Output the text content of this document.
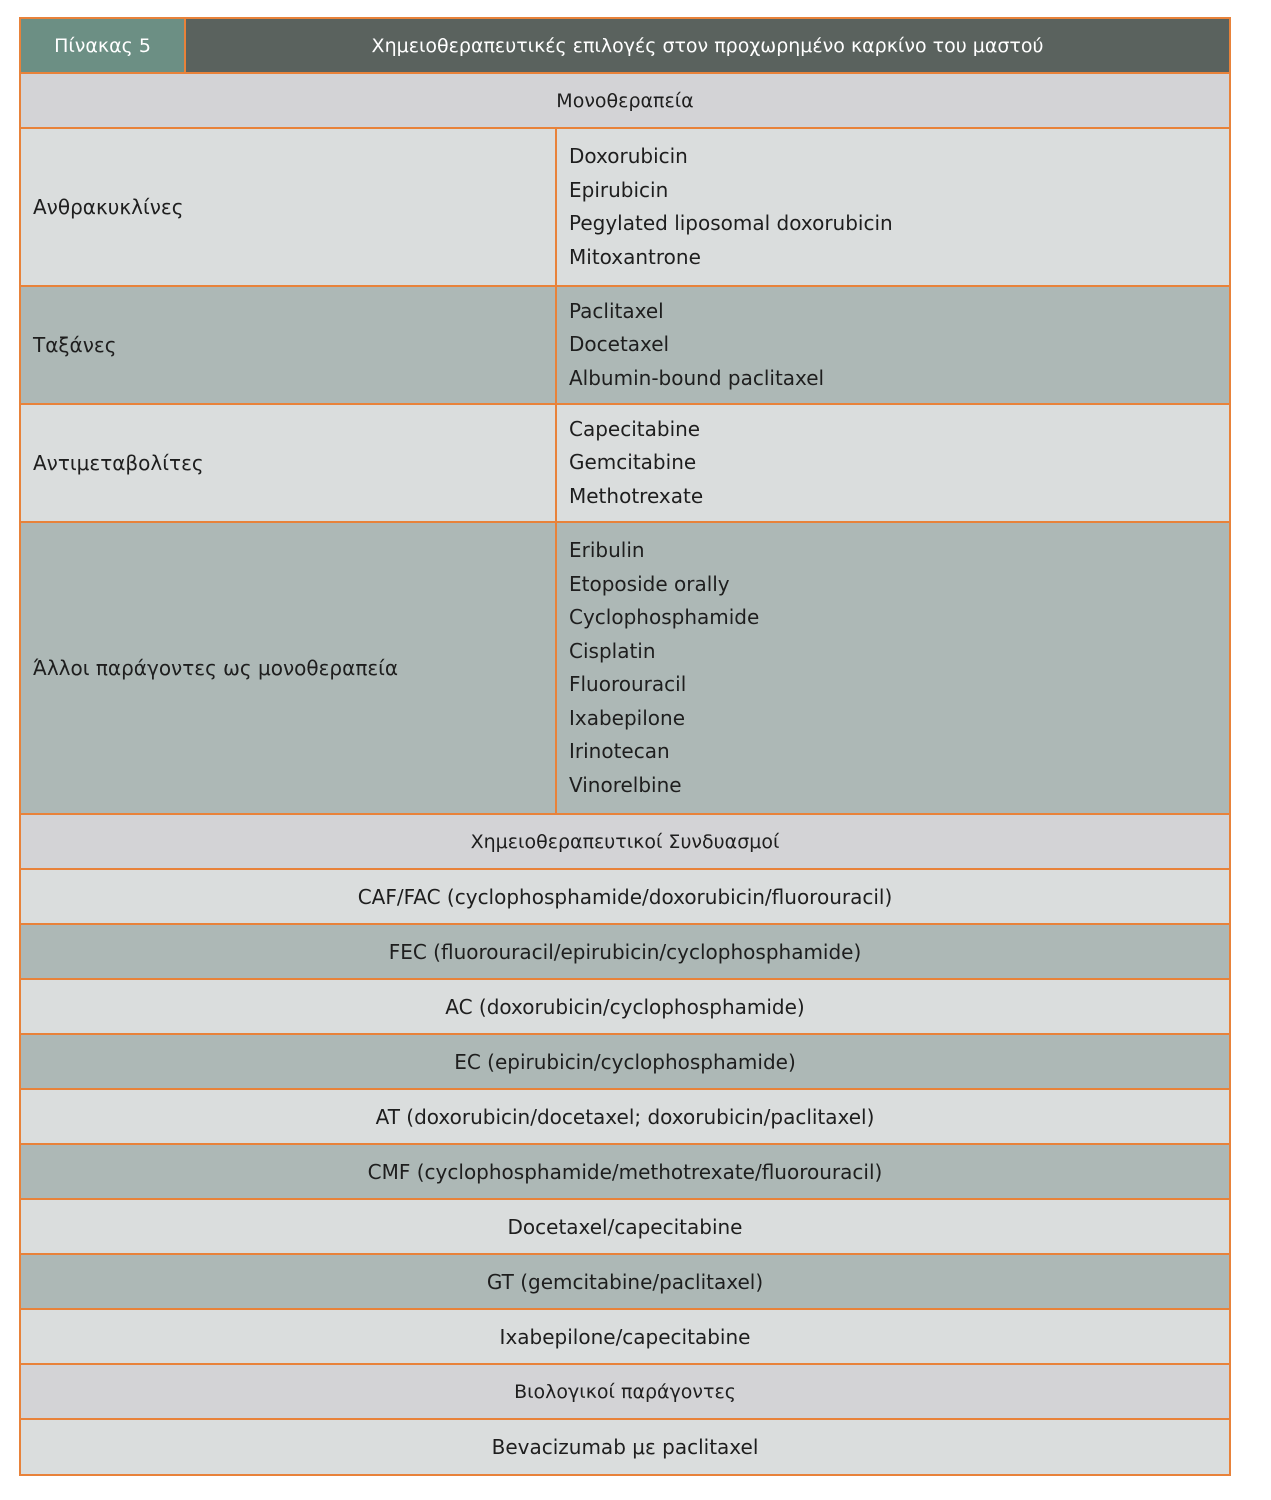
Πίνακας 5	Χημειοθεραπευτικές επιλογές στον προχωρημένο καρκίνο του μαστού
Μονοθεραπεία
Ανθρακυκλίνες
Doxorubicin
Epirubicin
Pegylated liposomal doxorubicin
Mitoxantrone
Ταξάνες
Paclitaxel
Docetaxel
Albumin-bound paclitaxel
Αντιμεταβολίτες
Capecitabine
Gemcitabine
Methotrexate
Άλλοι παράγοντες ως μονοθεραπεία
Eribulin
Etoposide orally
Cyclophosphamide
Cisplatin
Fluorouracil
Ixabepilone
Irinotecan
Vinorelbine
Χημειοθεραπευτικοί Συνδυασμοί
CAF/FAC (cyclophosphamide/doxorubicin/fluorouracil)
FEC (fluorouracil/epirubicin/cyclophosphamide)
AC (doxorubicin/cyclophosphamide)
EC (epirubicin/cyclophosphamide)
AT (doxorubicin/docetaxel; doxorubicin/paclitaxel)
CMF (cyclophosphamide/methotrexate/fluorouracil)
Docetaxel/capecitabine
GT (gemcitabine/paclitaxel)
Ixabepilone/capecitabine
Βιολογικοί παράγοντες
Bevacizumab με paclitaxel
